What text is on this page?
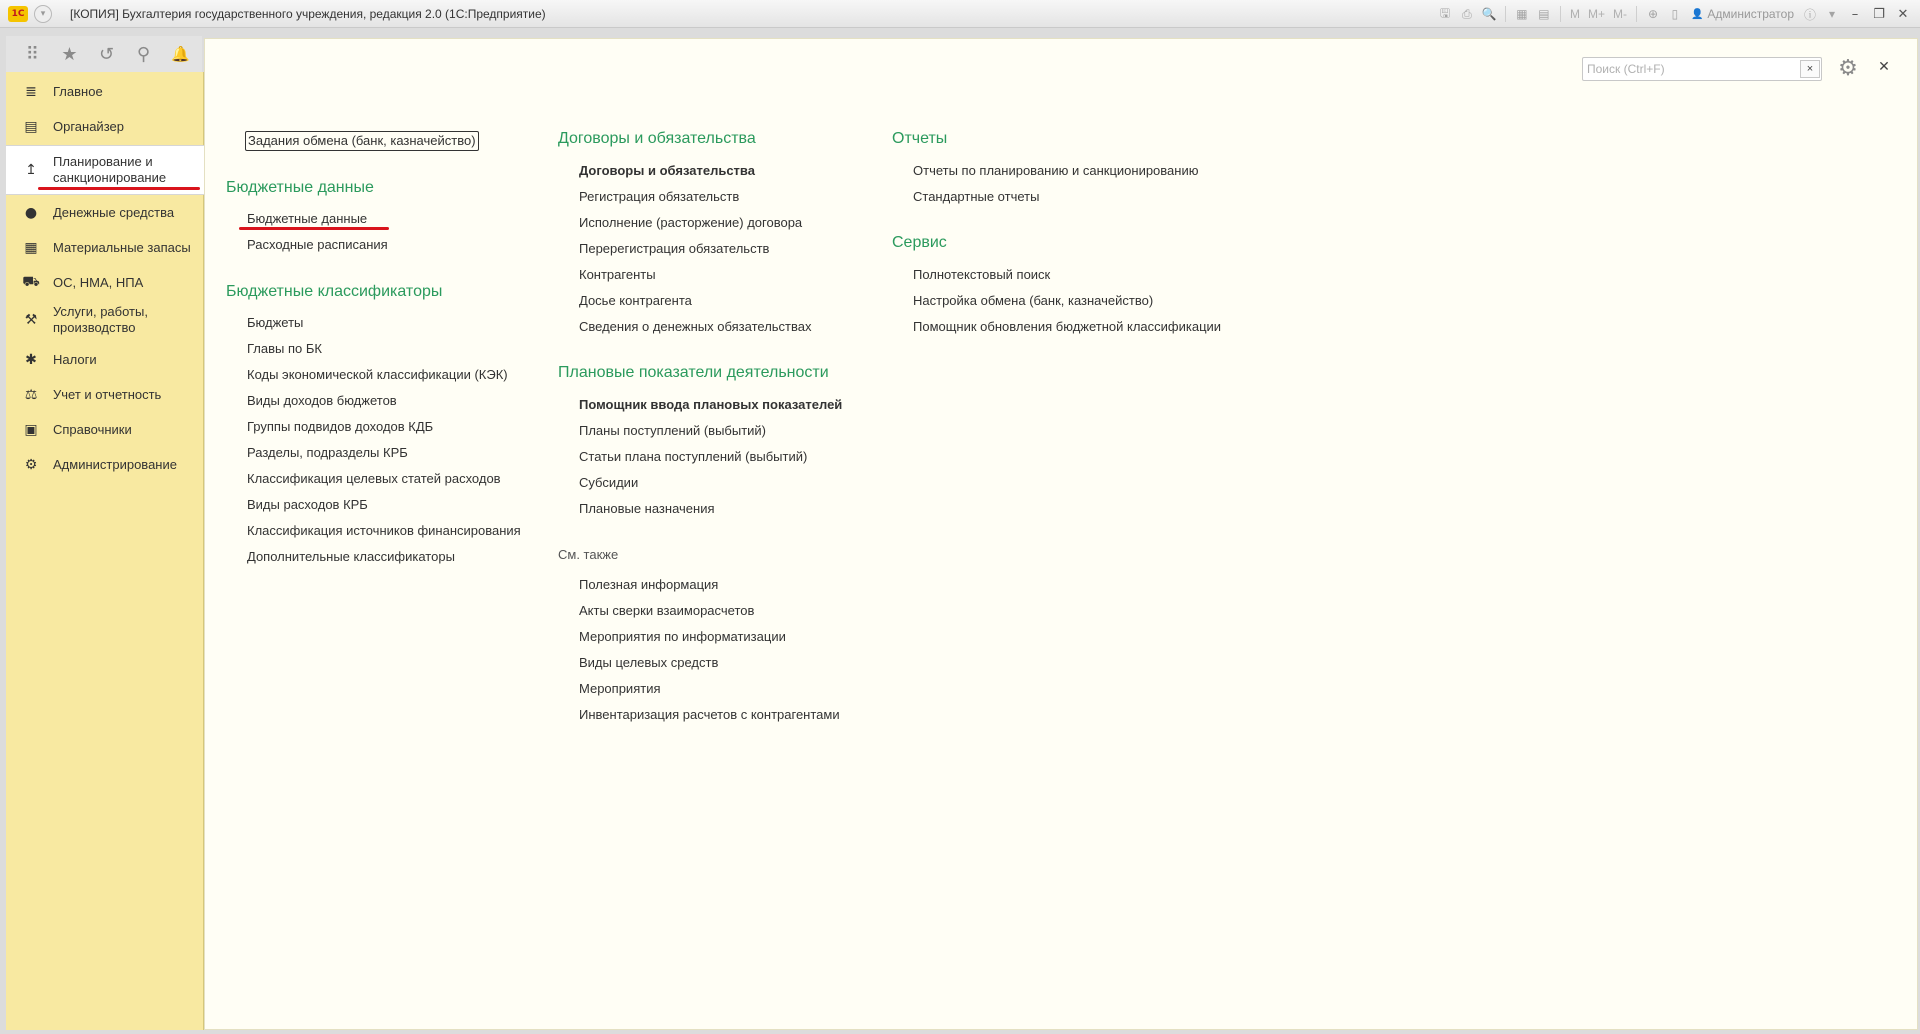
1С	▾	[КОПИЯ] Бухгалтерия государственного учреждения, редакция 2.0 (1С:Предприятие)	🖫	⎙ 🔍	▦ ▤	M M+ M-	⊕	▯	👤 Администратор ⓘ	▾	–	❐ ✕
⠿	★	↺	⚲	🔔
≣ Главное
▤ Органайзер
↥
Планирование и санкционирование
● Денежные средства
▦ Материальные запасы
⛟ ОС, НМА, НПА
⚒
Услуги, работы, производство
✱ Налоги
⚖ Учет и отчетность
▣ Справочники
⚙ Администрирование
Поиск (Ctrl+F)
×	⚙ ✕
Задания обмена (банк, казначейство)
Бюджетные данные
Бюджетные данные
Расходные расписания
Бюджетные классификаторы
Бюджеты
Главы по БК
Коды экономической классификации (КЭК)
Виды доходов бюджетов
Группы подвидов доходов КДБ
Разделы, подразделы КРБ
Классификация целевых статей расходов
Виды расходов КРБ
Классификация источников финансирования
Дополнительные классификаторы
Договоры и обязательства
Договоры и обязательства
Регистрация обязательств
Исполнение (расторжение) договора
Перерегистрация обязательств
Контрагенты
Досье контрагента
Сведения о денежных обязательствах
Плановые показатели деятельности
Помощник ввода плановых показателей
Планы поступлений (выбытий)
Статьи плана поступлений (выбытий)
Субсидии
Плановые назначения
См. также
Полезная информация
Акты сверки взаиморасчетов
Мероприятия по информатизации
Виды целевых средств
Мероприятия
Инвентаризация расчетов с контрагентами
Отчеты
Отчеты по планированию и санкционированию
Стандартные отчеты
Сервис
Полнотекстовый поиск
Настройка обмена (банк, казначейство)
Помощник обновления бюджетной классификации
